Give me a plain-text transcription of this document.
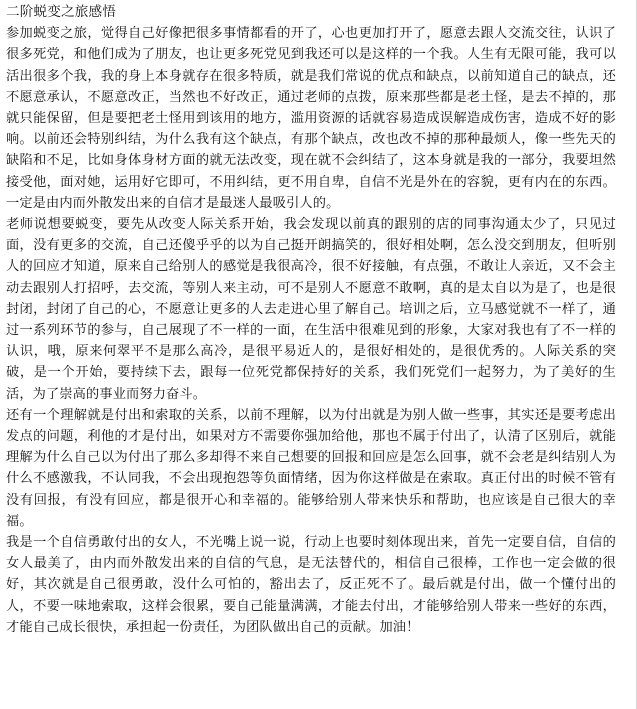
二阶蜕变之旅感悟

参加蜕变之旅，觉得自己好像把很多事情都看的开了，心也更加打开了，愿意去跟人交流交往，认识了很多死党，和他们成为了朋友，也让更多死党见到我还可以是这样的一个我。人生有无限可能，我可以活出很多个我，我的身上本身就存在很多特质，就是我们常说的优点和缺点，以前知道自己的缺点，还不愿意承认，不愿意改正，当然也不好改正，通过老师的点拨，原来那些都是老土怪，是去不掉的，那就只能保留，但是要把老土怪用到该用的地方，滥用资源的话就容易造成误解造成伤害，造成不好的影响。以前还会特别纠结，为什么我有这个缺点，有那个缺点，改也改不掉的那种最烦人，像一些先天的缺陷和不足，比如身体身材方面的就无法改变，现在就不会纠结了，这本身就是我的一部分，我要坦然接受他，面对她，运用好它即可，不用纠结，更不用自卑，自信不光是外在的容貌，更有内在的东西。一定是由内而外散发出来的自信才是最迷人最吸引人的。

老师说想要蜕变，要先从改变人际关系开始，我会发现以前真的跟别的店的同事沟通太少了，只见过面，没有更多的交流，自己还傻乎乎的以为自己挺开朗搞笑的，很好相处啊，怎么没交到朋友，但听别人的回应才知道，原来自己给别人的感觉是我很高冷，很不好接触，有点强，不敢让人亲近，又不会主动去跟别人打招呼，去交流，等别人来主动，可不是别人不愿意不敢啊，真的是太自以为是了，也是很封闭，封闭了自己的心，不愿意让更多的人去走进心里了解自己。培训之后，立马感觉就不一样了，通过一系列环节的参与，自己展现了不一样的一面，在生活中很难见到的形象，大家对我也有了不一样的认识，哦，原来何翠平不是那么高冷，是很平易近人的，是很好相处的，是很优秀的。人际关系的突破，是一个开始，要持续下去，跟每一位死党都保持好的关系，我们死党们一起努力，为了美好的生活，为了崇高的事业而努力奋斗。

还有一个理解就是付出和索取的关系，以前不理解，以为付出就是为别人做一些事，其实还是要考虑出发点的问题，利他的才是付出，如果对方不需要你强加给他，那也不属于付出了，认清了区别后，就能理解为什么自己以为付出了那么多却得不来自己想要的回报和回应是怎么回事，就不会老是纠结别人为什么不感激我，不认同我，不会出现抱怨等负面情绪，因为你这样做是在索取。真正付出的时候不管有没有回报，有没有回应，都是很开心和幸福的。能够给别人带来快乐和帮助，也应该是自己很大的幸福。

我是一个自信勇敢付出的女人，不光嘴上说一说，行动上也要时刻体现出来，首先一定要自信，自信的女人最美了，由内而外散发出来的自信的气息，是无法替代的，相信自己很棒，工作也一定会做的很好，其次就是自己很勇敢，没什么可怕的，豁出去了，反正死不了。最后就是付出，做一个懂付出的人，不要一味地索取，这样会很累，要自己能量满满，才能去付出，才能够给别人带来一些好的东西，才能自己成长很快，承担起一份责任，为团队做出自己的贡献。加油！
